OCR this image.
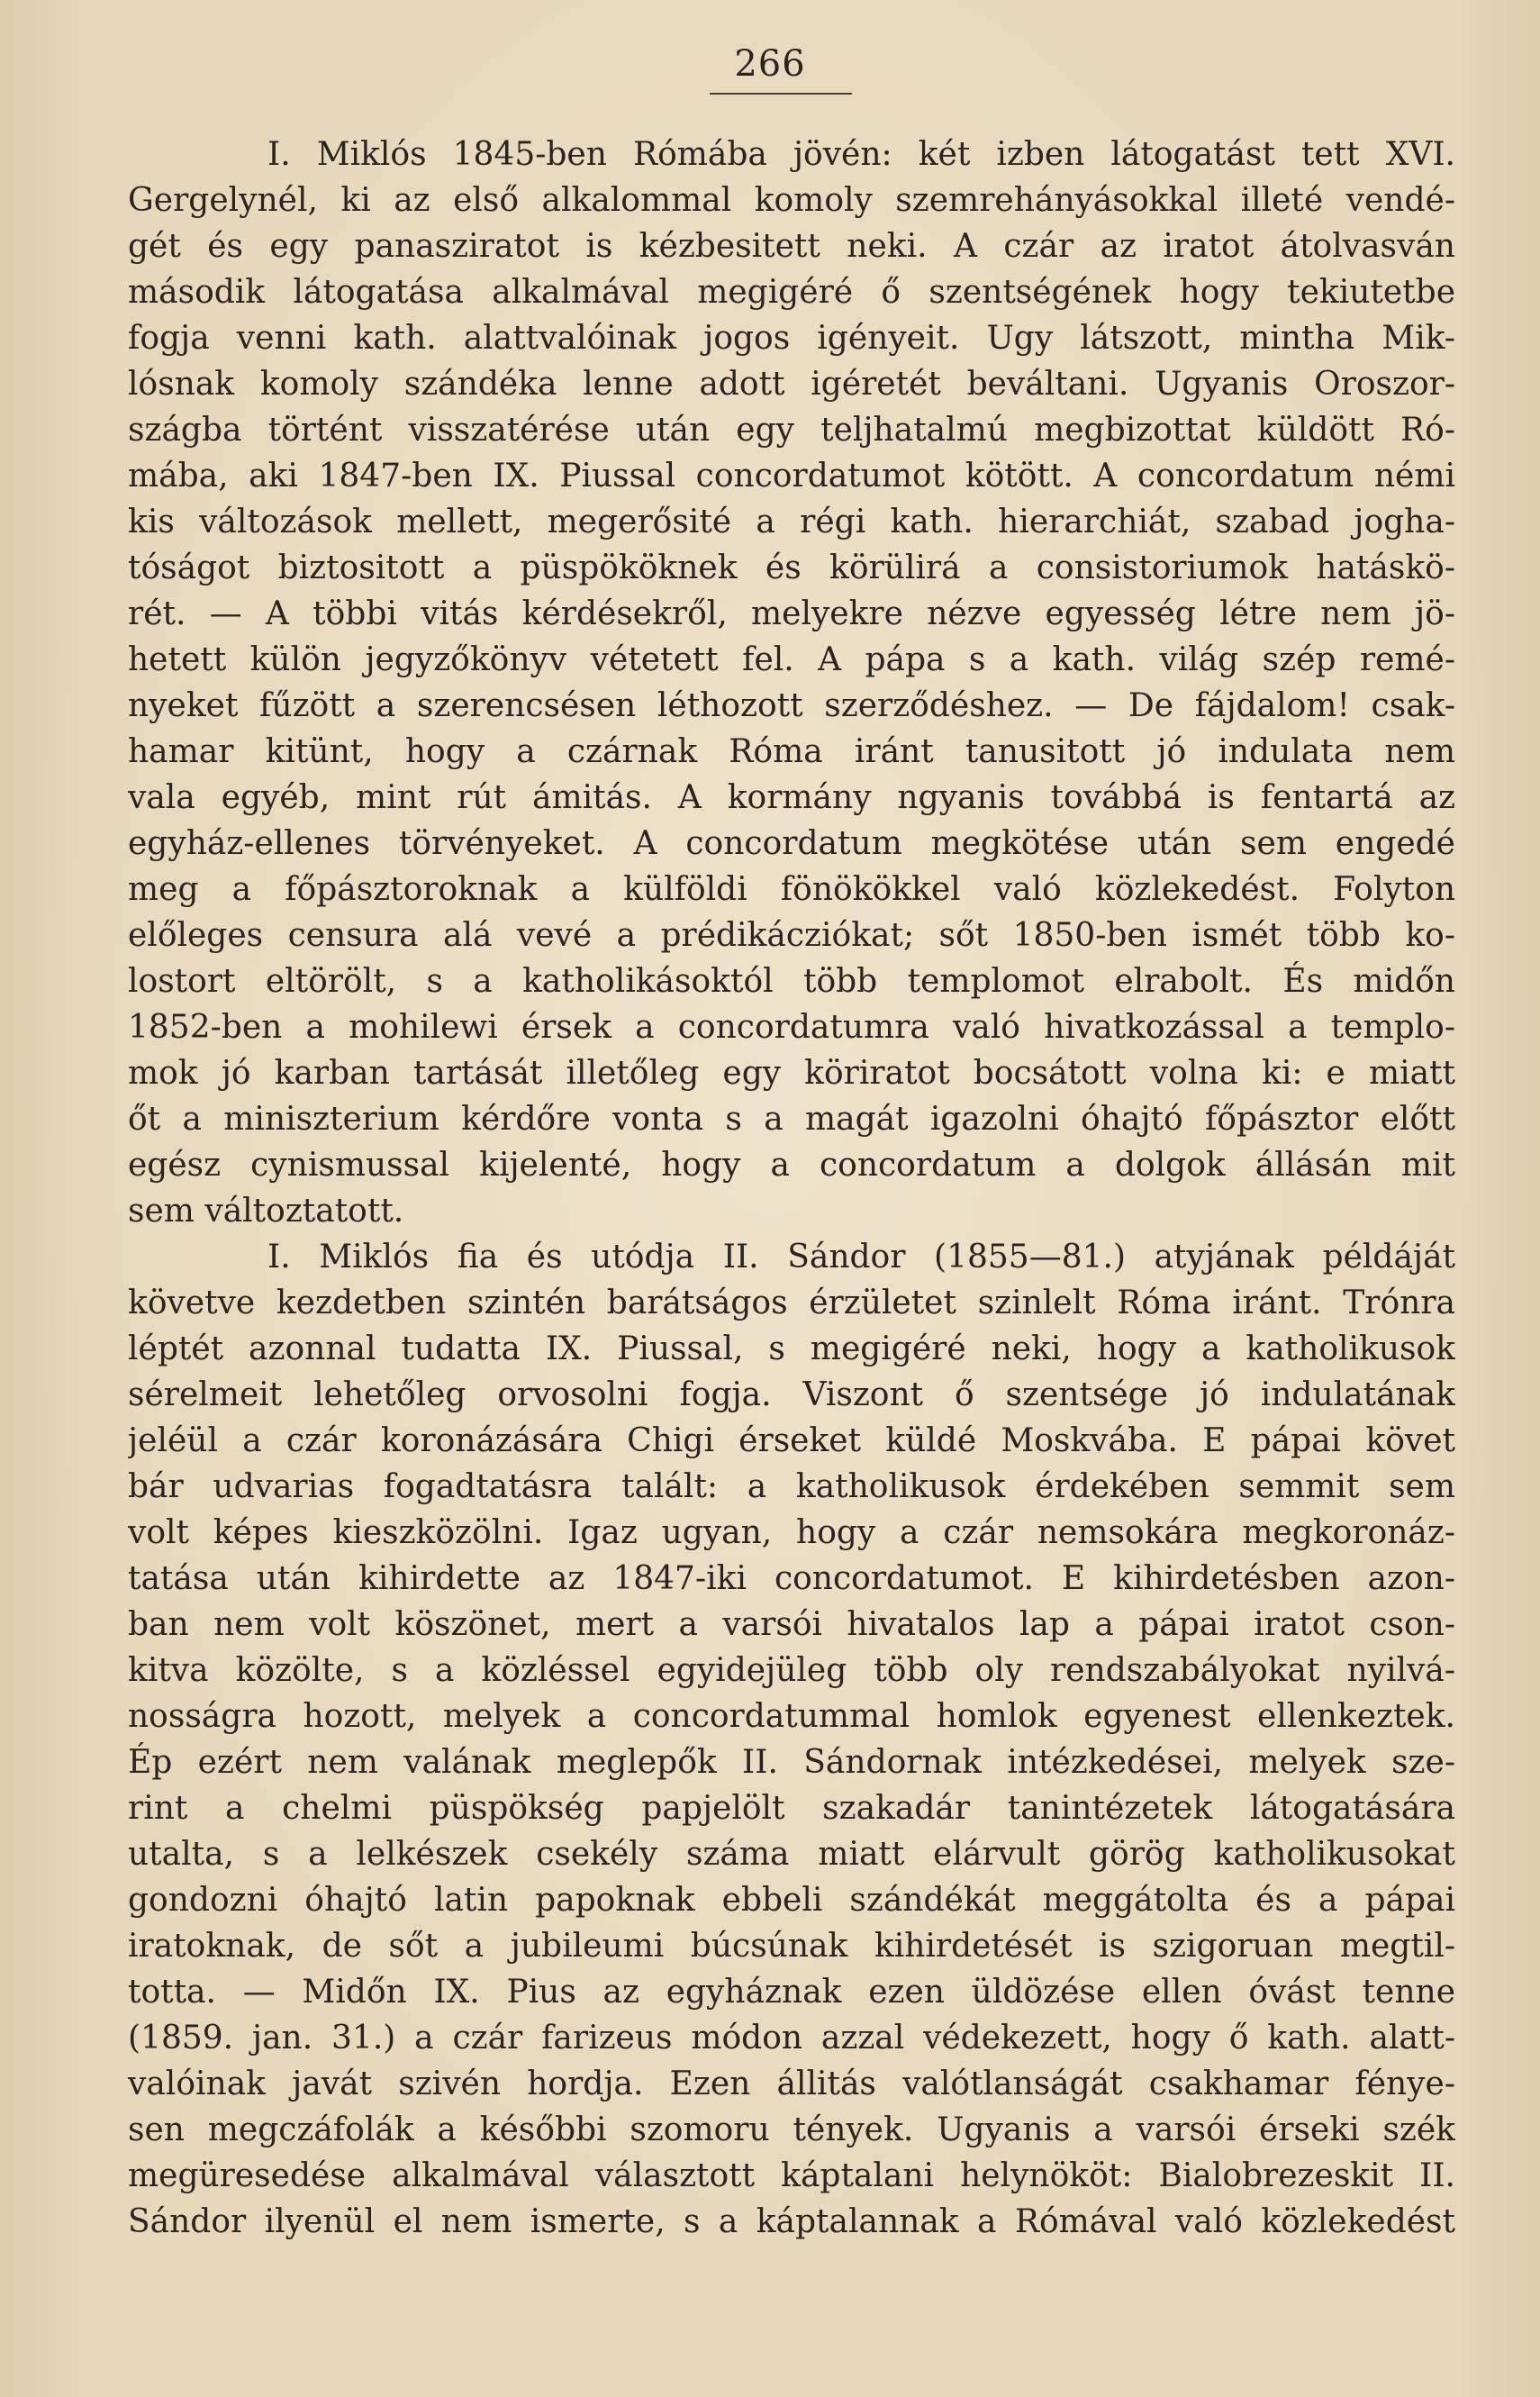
266
I. Miklós 1845-ben Rómába jövén: két izben látogatást tett XVI.
Gergelynél, ki az első alkalommal komoly szemrehányásokkal illeté vendé-
gét és egy panasziratot is kézbesitett neki. A czár az iratot átolvasván
második látogatása alkalmával megigéré ő szentségének hogy tekiutetbe
fogja venni kath. alattvalóinak jogos igényeit. Ugy látszott, mintha Mik-
lósnak komoly szándéka lenne adott igéretét beváltani. Ugyanis Oroszor-
szágba történt visszatérése után egy teljhatalmú megbizottat küldött Ró-
mába, aki 1847-ben IX. Piussal concordatumot kötött. A concordatum némi
kis változások mellett, megerősité a régi kath. hierarchiát, szabad jogha-
tóságot biztositott a püspököknek és körülirá a consistoriumok hatáskö-
rét. — A többi vitás kérdésekről, melyekre nézve egyesség létre nem jö-
hetett külön jegyzőkönyv vétetett fel. A pápa s a kath. világ szép remé-
nyeket fűzött a szerencsésen léthozott szerződéshez. — De fájdalom! csak-
hamar kitünt, hogy a czárnak Róma iránt tanusitott jó indulata nem
vala egyéb, mint rút ámitás. A kormány ngyanis továbbá is fentartá az
egyház-ellenes törvényeket. A concordatum megkötése után sem engedé
meg a főpásztoroknak a külföldi fönökökkel való közlekedést. Folyton
előleges censura alá vevé a prédikácziókat; sőt 1850-ben ismét több ko-
lostort eltörölt, s a katholikásoktól több templomot elrabolt. És midőn
1852-ben a mohilewi érsek a concordatumra való hivatkozással a templo-
mok jó karban tartását illetőleg egy köriratot bocsátott volna ki: e miatt
őt a miniszterium kérdőre vonta s a magát igazolni óhajtó főpásztor előtt
egész cynismussal kijelenté, hogy a concordatum a dolgok állásán mit
sem változtatott.
I. Miklós fia és utódja II. Sándor (1855—81.) atyjának példáját
követve kezdetben szintén barátságos érzületet szinlelt Róma iránt. Trónra
léptét azonnal tudatta IX. Piussal, s megigéré neki, hogy a katholikusok
sérelmeit lehetőleg orvosolni fogja. Viszont ő szentsége jó indulatának
jeléül a czár koronázására Chigi érseket küldé Moskvába. E pápai követ
bár udvarias fogadtatásra talált: a katholikusok érdekében semmit sem
volt képes kieszközölni. Igaz ugyan, hogy a czár nemsokára megkoronáz-
tatása után kihirdette az 1847-iki concordatumot. E kihirdetésben azon-
ban nem volt köszönet, mert a varsói hivatalos lap a pápai iratot cson-
kitva közölte, s a közléssel egyidejüleg több oly rendszabályokat nyilvá-
nosságra hozott, melyek a concordatummal homlok egyenest ellenkeztek.
Ép ezért nem valának meglepők II. Sándornak intézkedései, melyek sze-
rint a chelmi püspökség papjelölt szakadár tanintézetek látogatására
utalta, s a lelkészek csekély száma miatt elárvult görög katholikusokat
gondozni óhajtó latin papoknak ebbeli szándékát meggátolta és a pápai
iratoknak, de sőt a jubileumi búcsúnak kihirdetését is szigoruan megtil-
totta. — Midőn IX. Pius az egyháznak ezen üldözése ellen óvást tenne
(1859. jan. 31.) a czár farizeus módon azzal védekezett, hogy ő kath. alatt-
valóinak javát szivén hordja. Ezen állitás valótlanságát csakhamar fénye-
sen megczáfolák a későbbi szomoru tények. Ugyanis a varsói érseki szék
megüresedése alkalmával választott káptalani helynököt: Bialobrezeskit II.
Sándor ilyenül el nem ismerte, s a káptalannak a Rómával való közlekedést
